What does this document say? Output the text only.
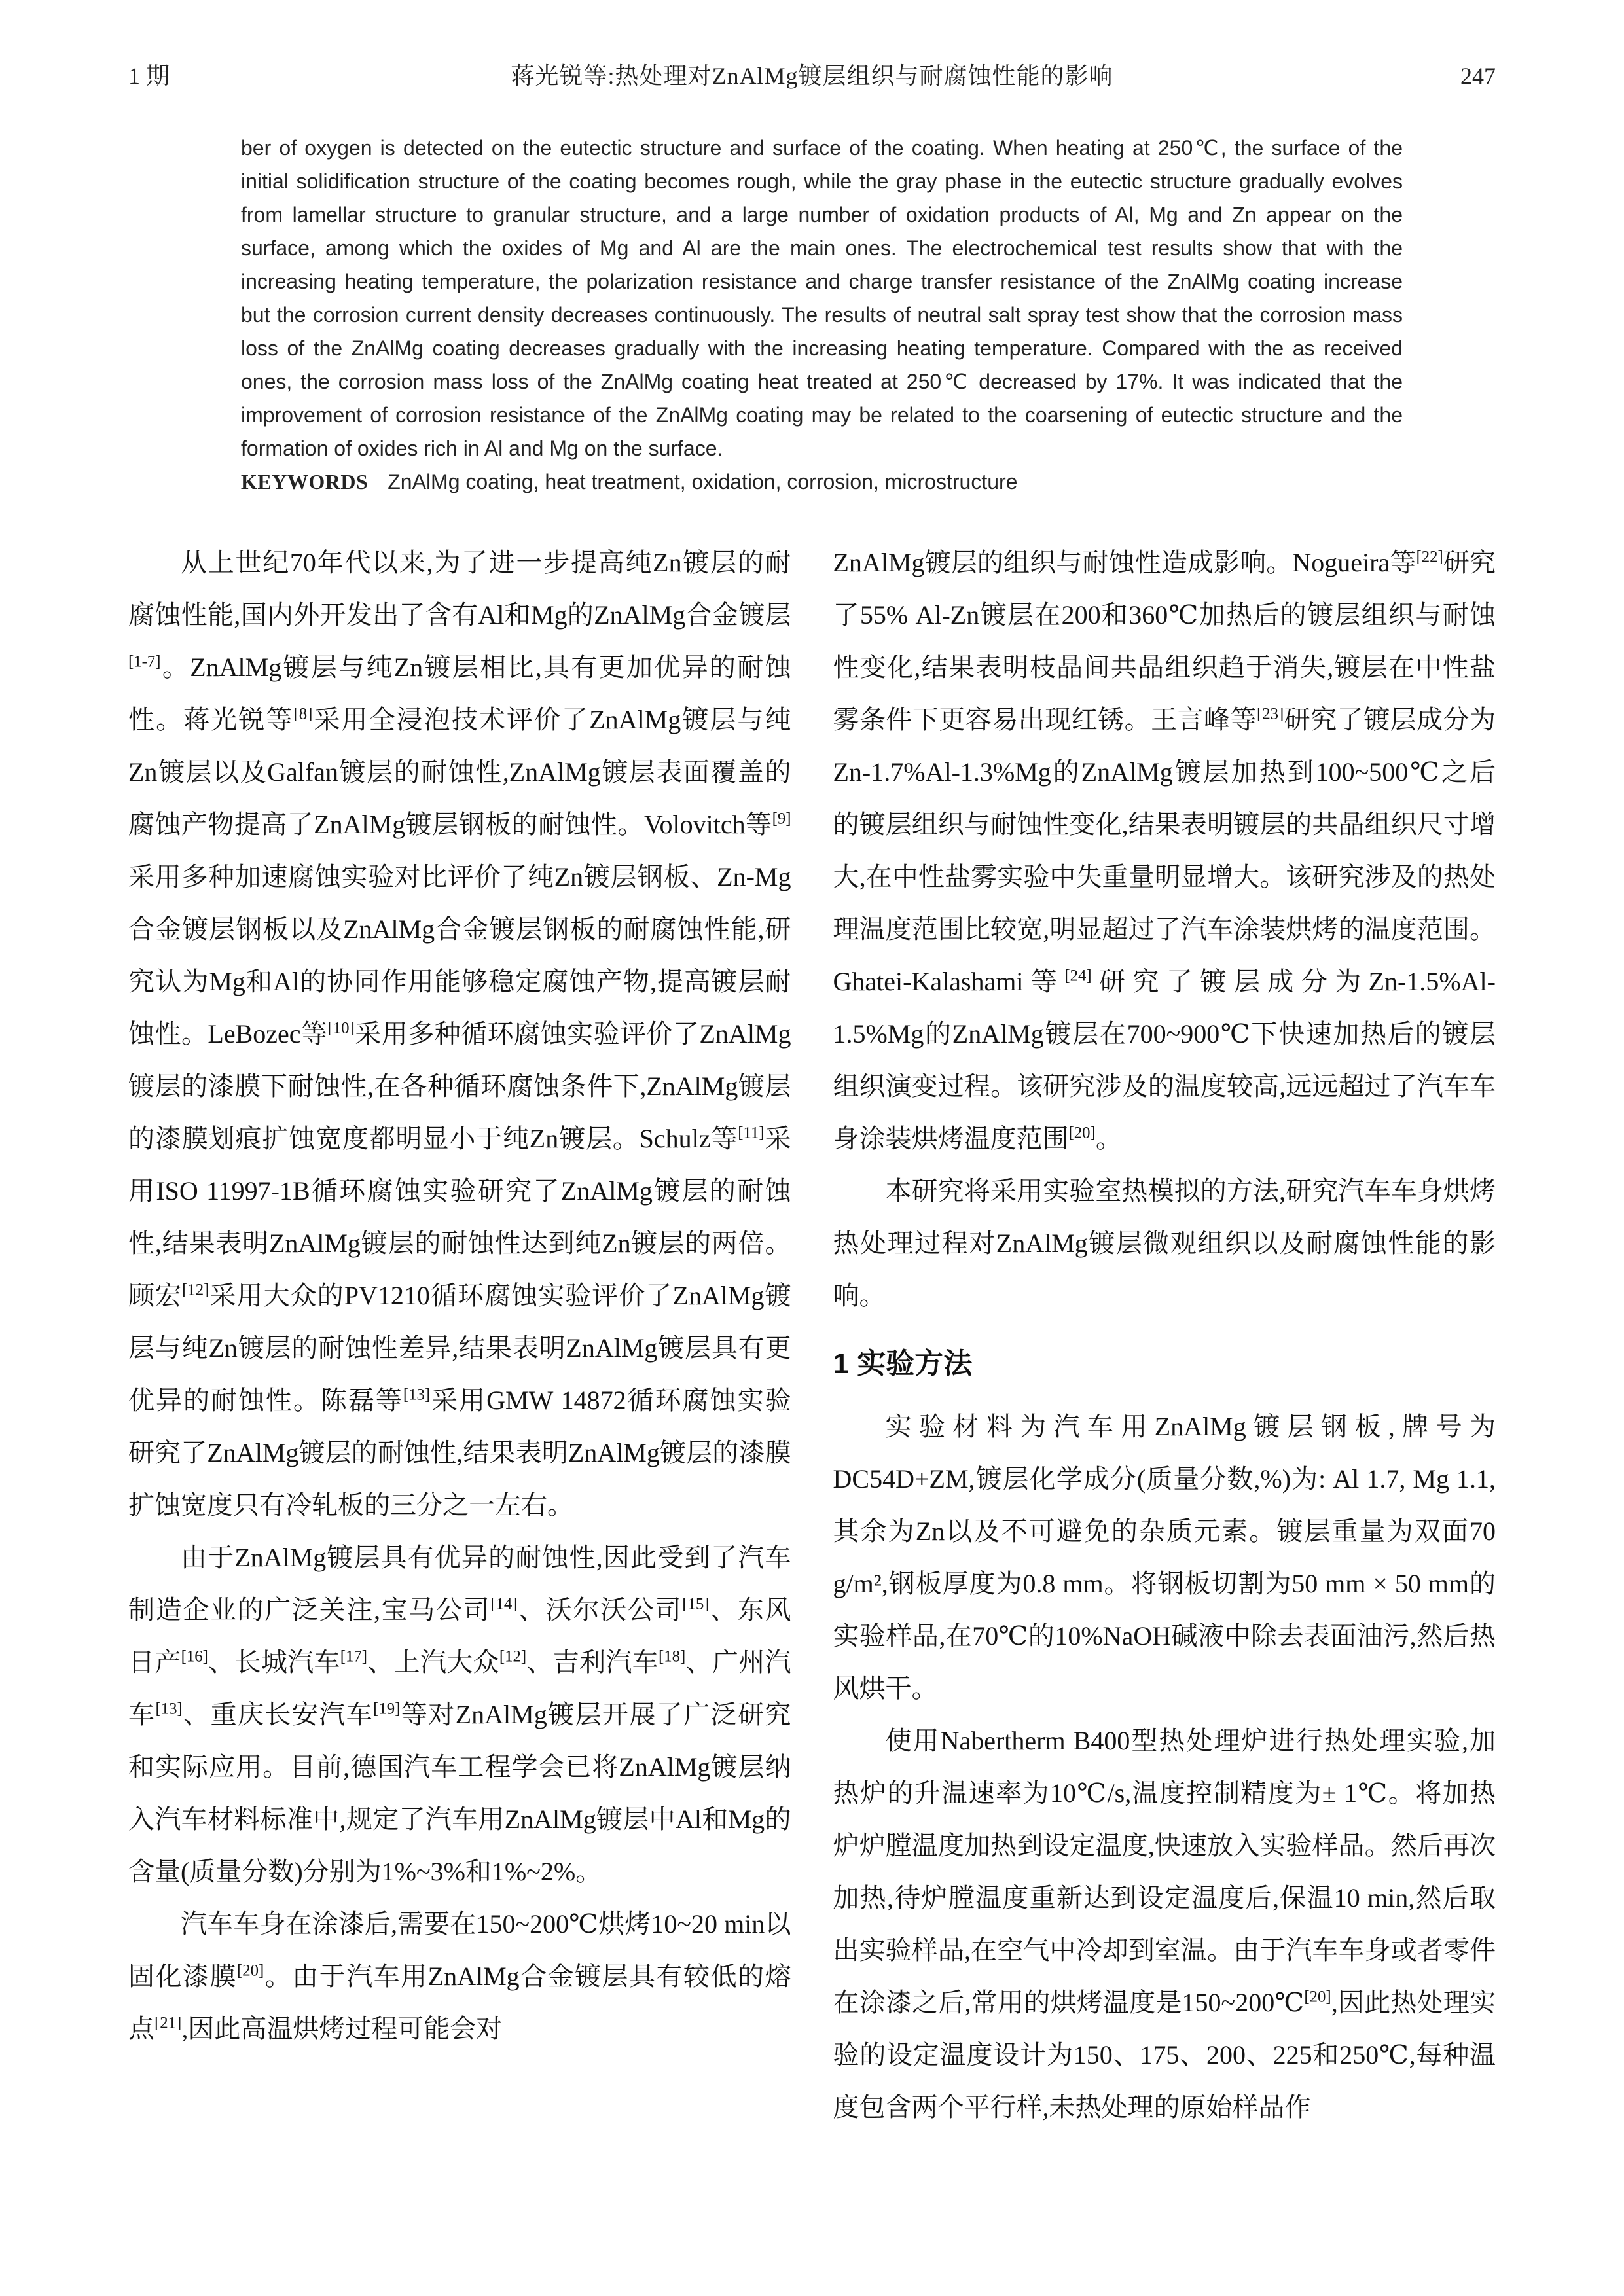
1 期	蒋光锐等:热处理对ZnAlMg镀层组织与耐腐蚀性能的影响	247

ber of oxygen is detected on the eutectic structure and surface of the coating. When heating at 250℃, the surface of the initial solidification structure of the coating becomes rough, while the gray phase in the eutectic structure gradually evolves from lamellar structure to granular structure, and a large number of oxidation products of Al, Mg and Zn appear on the surface, among which the oxides of Mg and Al are the main ones. The electrochemical test results show that with the increasing heating temperature, the polarization resistance and charge transfer resistance of the ZnAlMg coating increase but the corrosion current density decreases continuously. The results of neutral salt spray test show that the corrosion mass loss of the ZnAlMg coating decreases gradually with the increasing heating temperature. Compared with the as received ones, the corrosion mass loss of the ZnAlMg coating heat treated at 250℃ decreased by 17%. It was indicated that the improvement of corrosion resistance of the ZnAlMg coating may be related to the coarsening of eutectic structure and the formation of oxides rich in Al and Mg on the surface.

KEYWORDS ZnAlMg coating, heat treatment, oxidation, corrosion, microstructure

从上世纪70年代以来,为了进一步提高纯Zn镀层的耐腐蚀性能,国内外开发出了含有Al和Mg的ZnAlMg合金镀层[1-7]。ZnAlMg镀层与纯Zn镀层相比,具有更加优异的耐蚀性。蒋光锐等[8]采用全浸泡技术评价了ZnAlMg镀层与纯Zn镀层以及Galfan镀层的耐蚀性,ZnAlMg镀层表面覆盖的腐蚀产物提高了ZnAlMg镀层钢板的耐蚀性。Volovitch等[9]采用多种加速腐蚀实验对比评价了纯Zn镀层钢板、Zn-Mg合金镀层钢板以及ZnAlMg合金镀层钢板的耐腐蚀性能,研究认为Mg和Al的协同作用能够稳定腐蚀产物,提高镀层耐蚀性。LeBozec等[10]采用多种循环腐蚀实验评价了ZnAlMg镀层的漆膜下耐蚀性,在各种循环腐蚀条件下,ZnAlMg镀层的漆膜划痕扩蚀宽度都明显小于纯Zn镀层。Schulz等[11]采用ISO 11997-1B循环腐蚀实验研究了ZnAlMg镀层的耐蚀性,结果表明ZnAlMg镀层的耐蚀性达到纯Zn镀层的两倍。顾宏[12]采用大众的PV1210循环腐蚀实验评价了ZnAlMg镀层与纯Zn镀层的耐蚀性差异,结果表明ZnAlMg镀层具有更优异的耐蚀性。陈磊等[13]采用GMW 14872循环腐蚀实验研究了ZnAlMg镀层的耐蚀性,结果表明ZnAlMg镀层的漆膜扩蚀宽度只有冷轧板的三分之一左右。

由于ZnAlMg镀层具有优异的耐蚀性,因此受到了汽车制造企业的广泛关注,宝马公司[14]、沃尔沃公司[15]、东风日产[16]、长城汽车[17]、上汽大众[12]、吉利汽车[18]、广州汽车[13]、重庆长安汽车[19]等对ZnAlMg镀层开展了广泛研究和实际应用。目前,德国汽车工程学会已将ZnAlMg镀层纳入汽车材料标准中,规定了汽车用ZnAlMg镀层中Al和Mg的含量(质量分数)分别为1%~3%和1%~2%。

汽车车身在涂漆后,需要在150~200℃烘烤10~20 min以固化漆膜[20]。由于汽车用ZnAlMg合金镀层具有较低的熔点[21],因此高温烘烤过程可能会对

ZnAlMg镀层的组织与耐蚀性造成影响。Nogueira等[22]研究了55% Al-Zn镀层在200和360℃加热后的镀层组织与耐蚀性变化,结果表明枝晶间共晶组织趋于消失,镀层在中性盐雾条件下更容易出现红锈。王言峰等[23]研究了镀层成分为Zn-1.7%Al-1.3%Mg的ZnAlMg镀层加热到100~500℃之后的镀层组织与耐蚀性变化,结果表明镀层的共晶组织尺寸增大,在中性盐雾实验中失重量明显增大。该研究涉及的热处理温度范围比较宽,明显超过了汽车涂装烘烤的温度范围。Ghatei-Kalashami等[24]研究了镀层成分为Zn-1.5%Al-1.5%Mg的ZnAlMg镀层在700~900℃下快速加热后的镀层组织演变过程。该研究涉及的温度较高,远远超过了汽车车身涂装烘烤温度范围[20]。

本研究将采用实验室热模拟的方法,研究汽车车身烘烤热处理过程对ZnAlMg镀层微观组织以及耐腐蚀性能的影响。

1 实验方法

实验材料为汽车用ZnAlMg镀层钢板,牌号为DC54D+ZM,镀层化学成分(质量分数,%)为: Al 1.7, Mg 1.1,其余为Zn以及不可避免的杂质元素。镀层重量为双面70 g/m²,钢板厚度为0.8 mm。将钢板切割为50 mm × 50 mm的实验样品,在70℃的10%NaOH碱液中除去表面油污,然后热风烘干。

使用Nabertherm B400型热处理炉进行热处理实验,加热炉的升温速率为10℃/s,温度控制精度为± 1℃。将加热炉炉膛温度加热到设定温度,快速放入实验样品。然后再次加热,待炉膛温度重新达到设定温度后,保温10 min,然后取出实验样品,在空气中冷却到室温。由于汽车车身或者零件在涂漆之后,常用的烘烤温度是150~200℃[20],因此热处理实验的设定温度设计为150、175、200、225和250℃,每种温度包含两个平行样,未热处理的原始样品作
